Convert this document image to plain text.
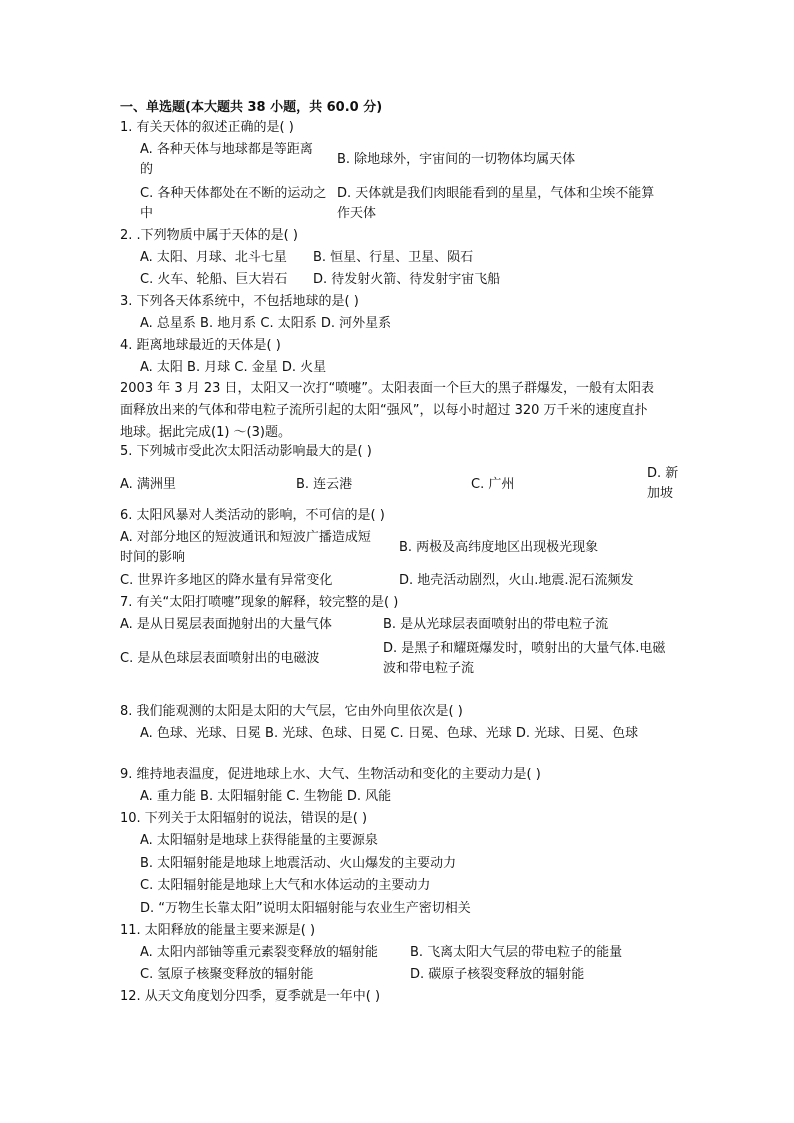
一、单选题(本大题共 38 小题，共 60.0 分)
1. 有关天体的叙述正确的是( )
A. 各种天体与地球都是等距离
的
B. 除地球外，宇宙间的一切物体均属天体
C. 各种天体都处在不断的运动之
中
D. 天体就是我们肉眼能看到的星星，气体和尘埃不能算
作天体
2. .下列物质中属于天体的是( )
A. 太阳、月球、北斗七星 B. 恒星、行星、卫星、陨石
C. 火车、轮船、巨大岩石 D. 待发射火箭、待发射宇宙飞船
3. 下列各天体系统中，不包括地球的是( )
A. 总星系 B. 地月系 C. 太阳系 D. 河外星系
4. 距离地球最近的天体是( )
A. 太阳 B. 月球 C. 金星 D. 火星
2003 年 3 月 23 日，太阳又一次打“喷嚏”。太阳表面一个巨大的黑子群爆发，一般有太阳表
面释放出来的气体和带电粒子流所引起的太阳“强风”，以每小时超过 320 万千米的速度直扑
地球。据此完成(1) ～(3)题。
5. 下列城市受此次太阳活动影响最大的是( )
A. 满洲里	B. 连云港	C. 广州
D. 新
加坡
6. 太阳风暴对人类活动的影响，不可信的是( )
A. 对部分地区的短波通讯和短波广播造成短
时间的影响
B. 两极及高纬度地区出现极光现象
C. 世界许多地区的降水量有异常变化	D. 地壳活动剧烈，火山.地震.泥石流频发
7. 有关“太阳打喷嚏”现象的解释，较完整的是( )
A. 是从日冕层表面抛射出的大量气体	B. 是从光球层表面喷射出的带电粒子流
C. 是从色球层表面喷射出的电磁波
D. 是黑子和耀斑爆发时，喷射出的大量气体.电磁
波和带电粒子流
8. 我们能观测的太阳是太阳的大气层，它由外向里依次是( )
A. 色球、光球、日冕 B. 光球、色球、日冕 C. 日冕、色球、光球 D. 光球、日冕、色球
9. 维持地表温度，促进地球上水、大气、生物活动和变化的主要动力是( )
A. 重力能 B. 太阳辐射能 C. 生物能 D. 风能
10. 下列关于太阳辐射的说法，错误的是( )
A. 太阳辐射是地球上获得能量的主要源泉
B. 太阳辐射能是地球上地震活动、火山爆发的主要动力
C. 太阳辐射能是地球上大气和水体运动的主要动力
D. “万物生长靠太阳”说明太阳辐射能与农业生产密切相关
11. 太阳释放的能量主要来源是( )
A. 太阳内部铀等重元素裂变释放的辐射能 B. 飞离太阳大气层的带电粒子的能量
C. 氢原子核聚变释放的辐射能	D. 碳原子核裂变释放的辐射能
12. 从天文角度划分四季，夏季就是一年中( )
